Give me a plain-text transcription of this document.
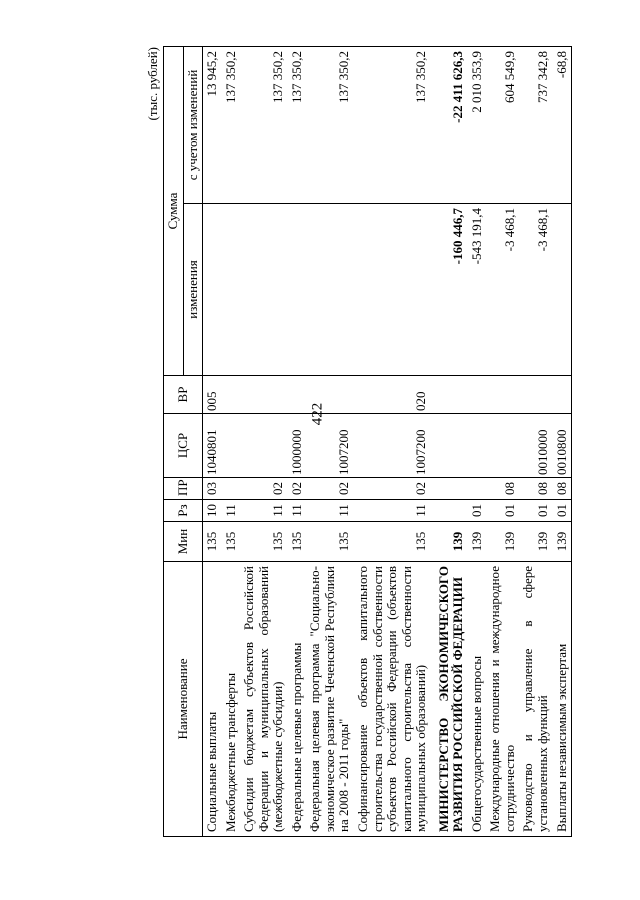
422
(тыс. рублей)
Наименование	Мин	Рз	ПР	ЦСР	ВР	Сумма	
						изменения	с учетом изменений
Социальные выплаты	135	10	03	1040801	005		13 945,2
Межбюджетные трансферты	135	11					137 350,2
Субсидии бюджетам субъектов Российской Федерации и муниципальных образований (межбюджетные субсидии)	135	11	02				137 350,2
Федеральные целевые программы	135	11	02	1000000			137 350,2
Федеральная целевая программа "Социально-экономическое развитие Чеченской Республики на 2008 - 2011 годы"	135	11	02	1007200			137 350,2
Софинансирование объектов капитального строительства государственной собственности субъектов Российской Федерации (объектов капитального строительства собственности муниципальных образований)	135	11	02	1007200	020		137 350,2
МИНИСТЕРСТВО ЭКОНОМИЧЕСКОГО РАЗВИТИЯ РОССИЙСКОЙ ФЕДЕРАЦИИ	139					-160 446,7	-22 411 626,3
Общегосударственные вопросы	139	01				-543 191,4	2 010 353,9
Международные отношения и международное сотрудничество	139	01	08			-3 468,1	604 549,9
Руководство и управление в сфере установленных функций	139	01	08	0010000		-3 468,1	737 342,8
Выплаты независимым экспертам	139	01	08	0010800			-68,8
